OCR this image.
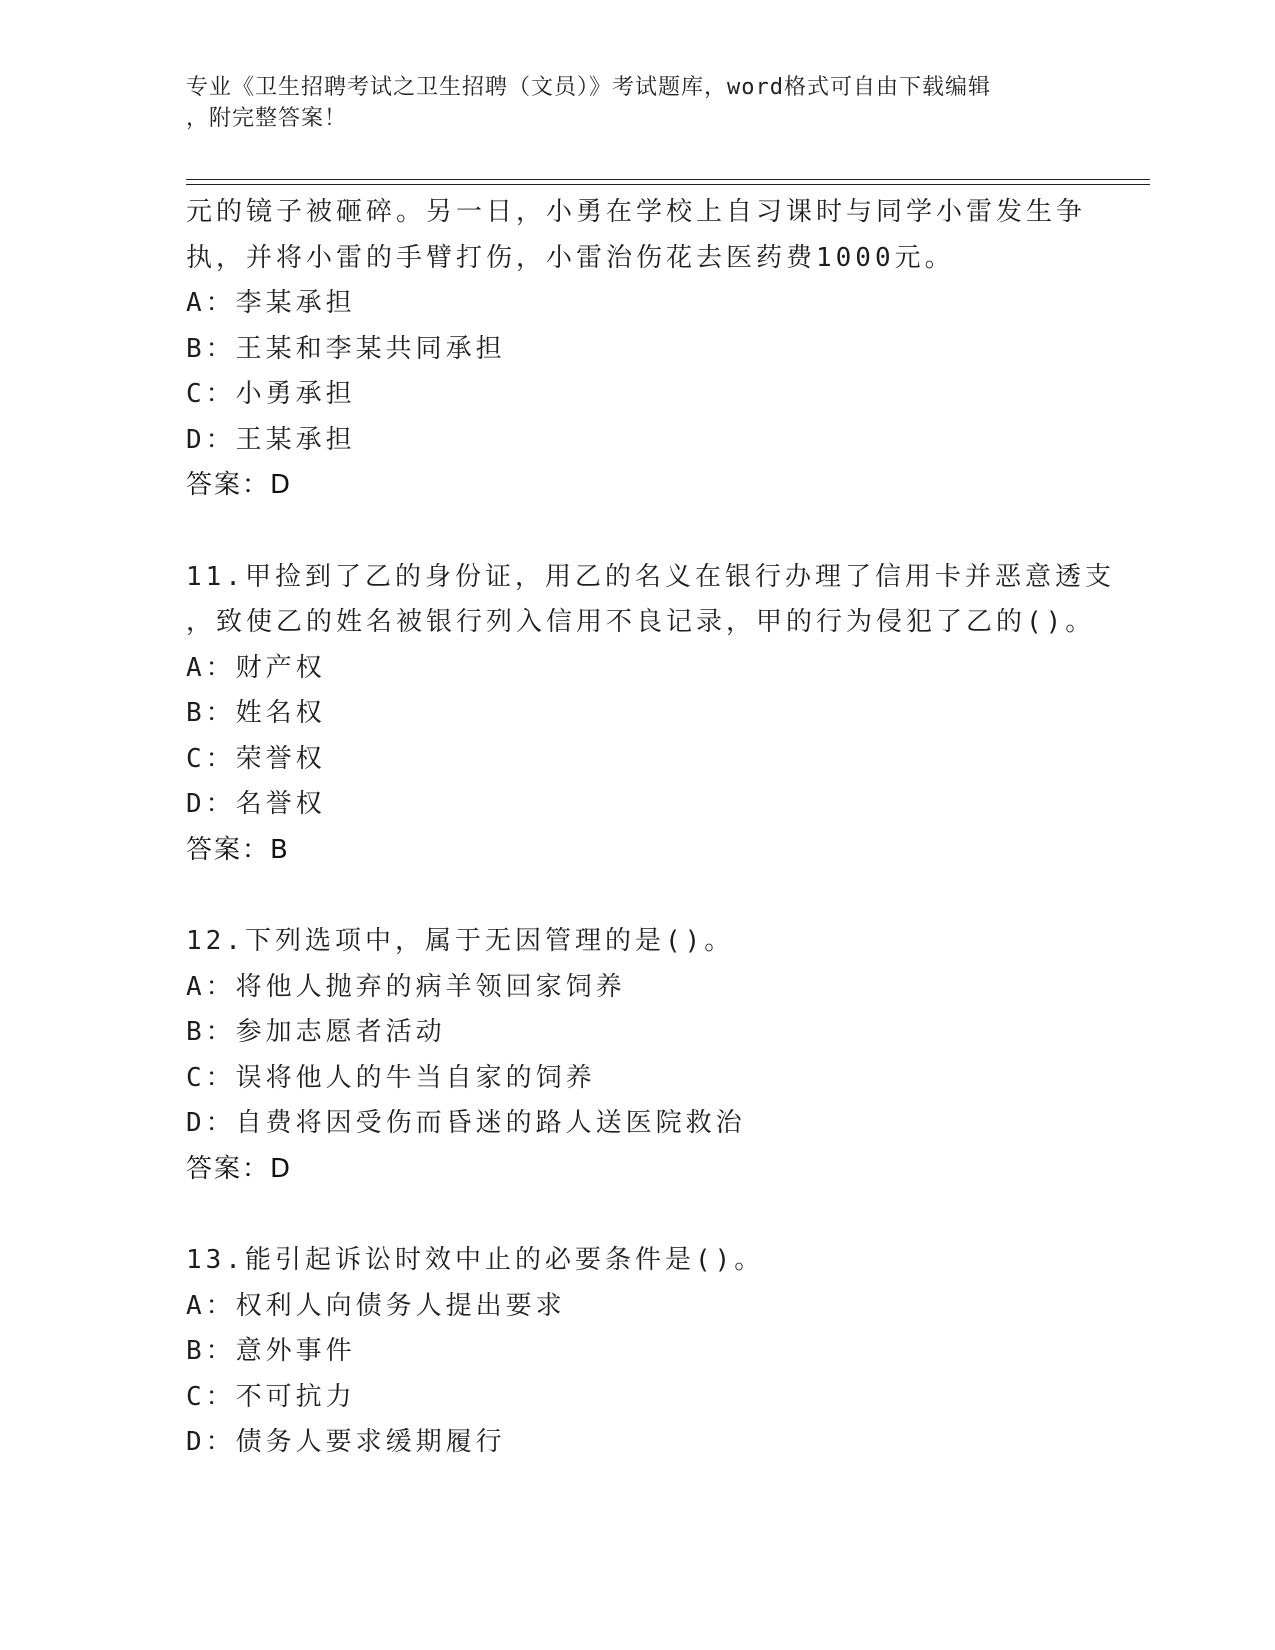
专业《卫生招聘考试之卫生招聘（文员）》考试题库，word格式可自由下载编辑
，附完整答案！
元的镜子被砸碎。另一日，小勇在学校上自习课时与同学小雷发生争
执，并将小雷的手臂打伤，小雷治伤花去医药费1000元。
A：李某承担
B：王某和李某共同承担
C：小勇承担
D：王某承担
答案：D
11.甲捡到了乙的身份证，用乙的名义在银行办理了信用卡并恶意透支
，致使乙的姓名被银行列入信用不良记录，甲的行为侵犯了乙的()。
A：财产权
B：姓名权
C：荣誉权
D：名誉权
答案：B
12.下列选项中，属于无因管理的是()。
A：将他人抛弃的病羊领回家饲养
B：参加志愿者活动
C：误将他人的牛当自家的饲养
D：自费将因受伤而昏迷的路人送医院救治
答案：D
13.能引起诉讼时效中止的必要条件是()。
A：权利人向债务人提出要求
B：意外事件
C：不可抗力
D：债务人要求缓期履行
